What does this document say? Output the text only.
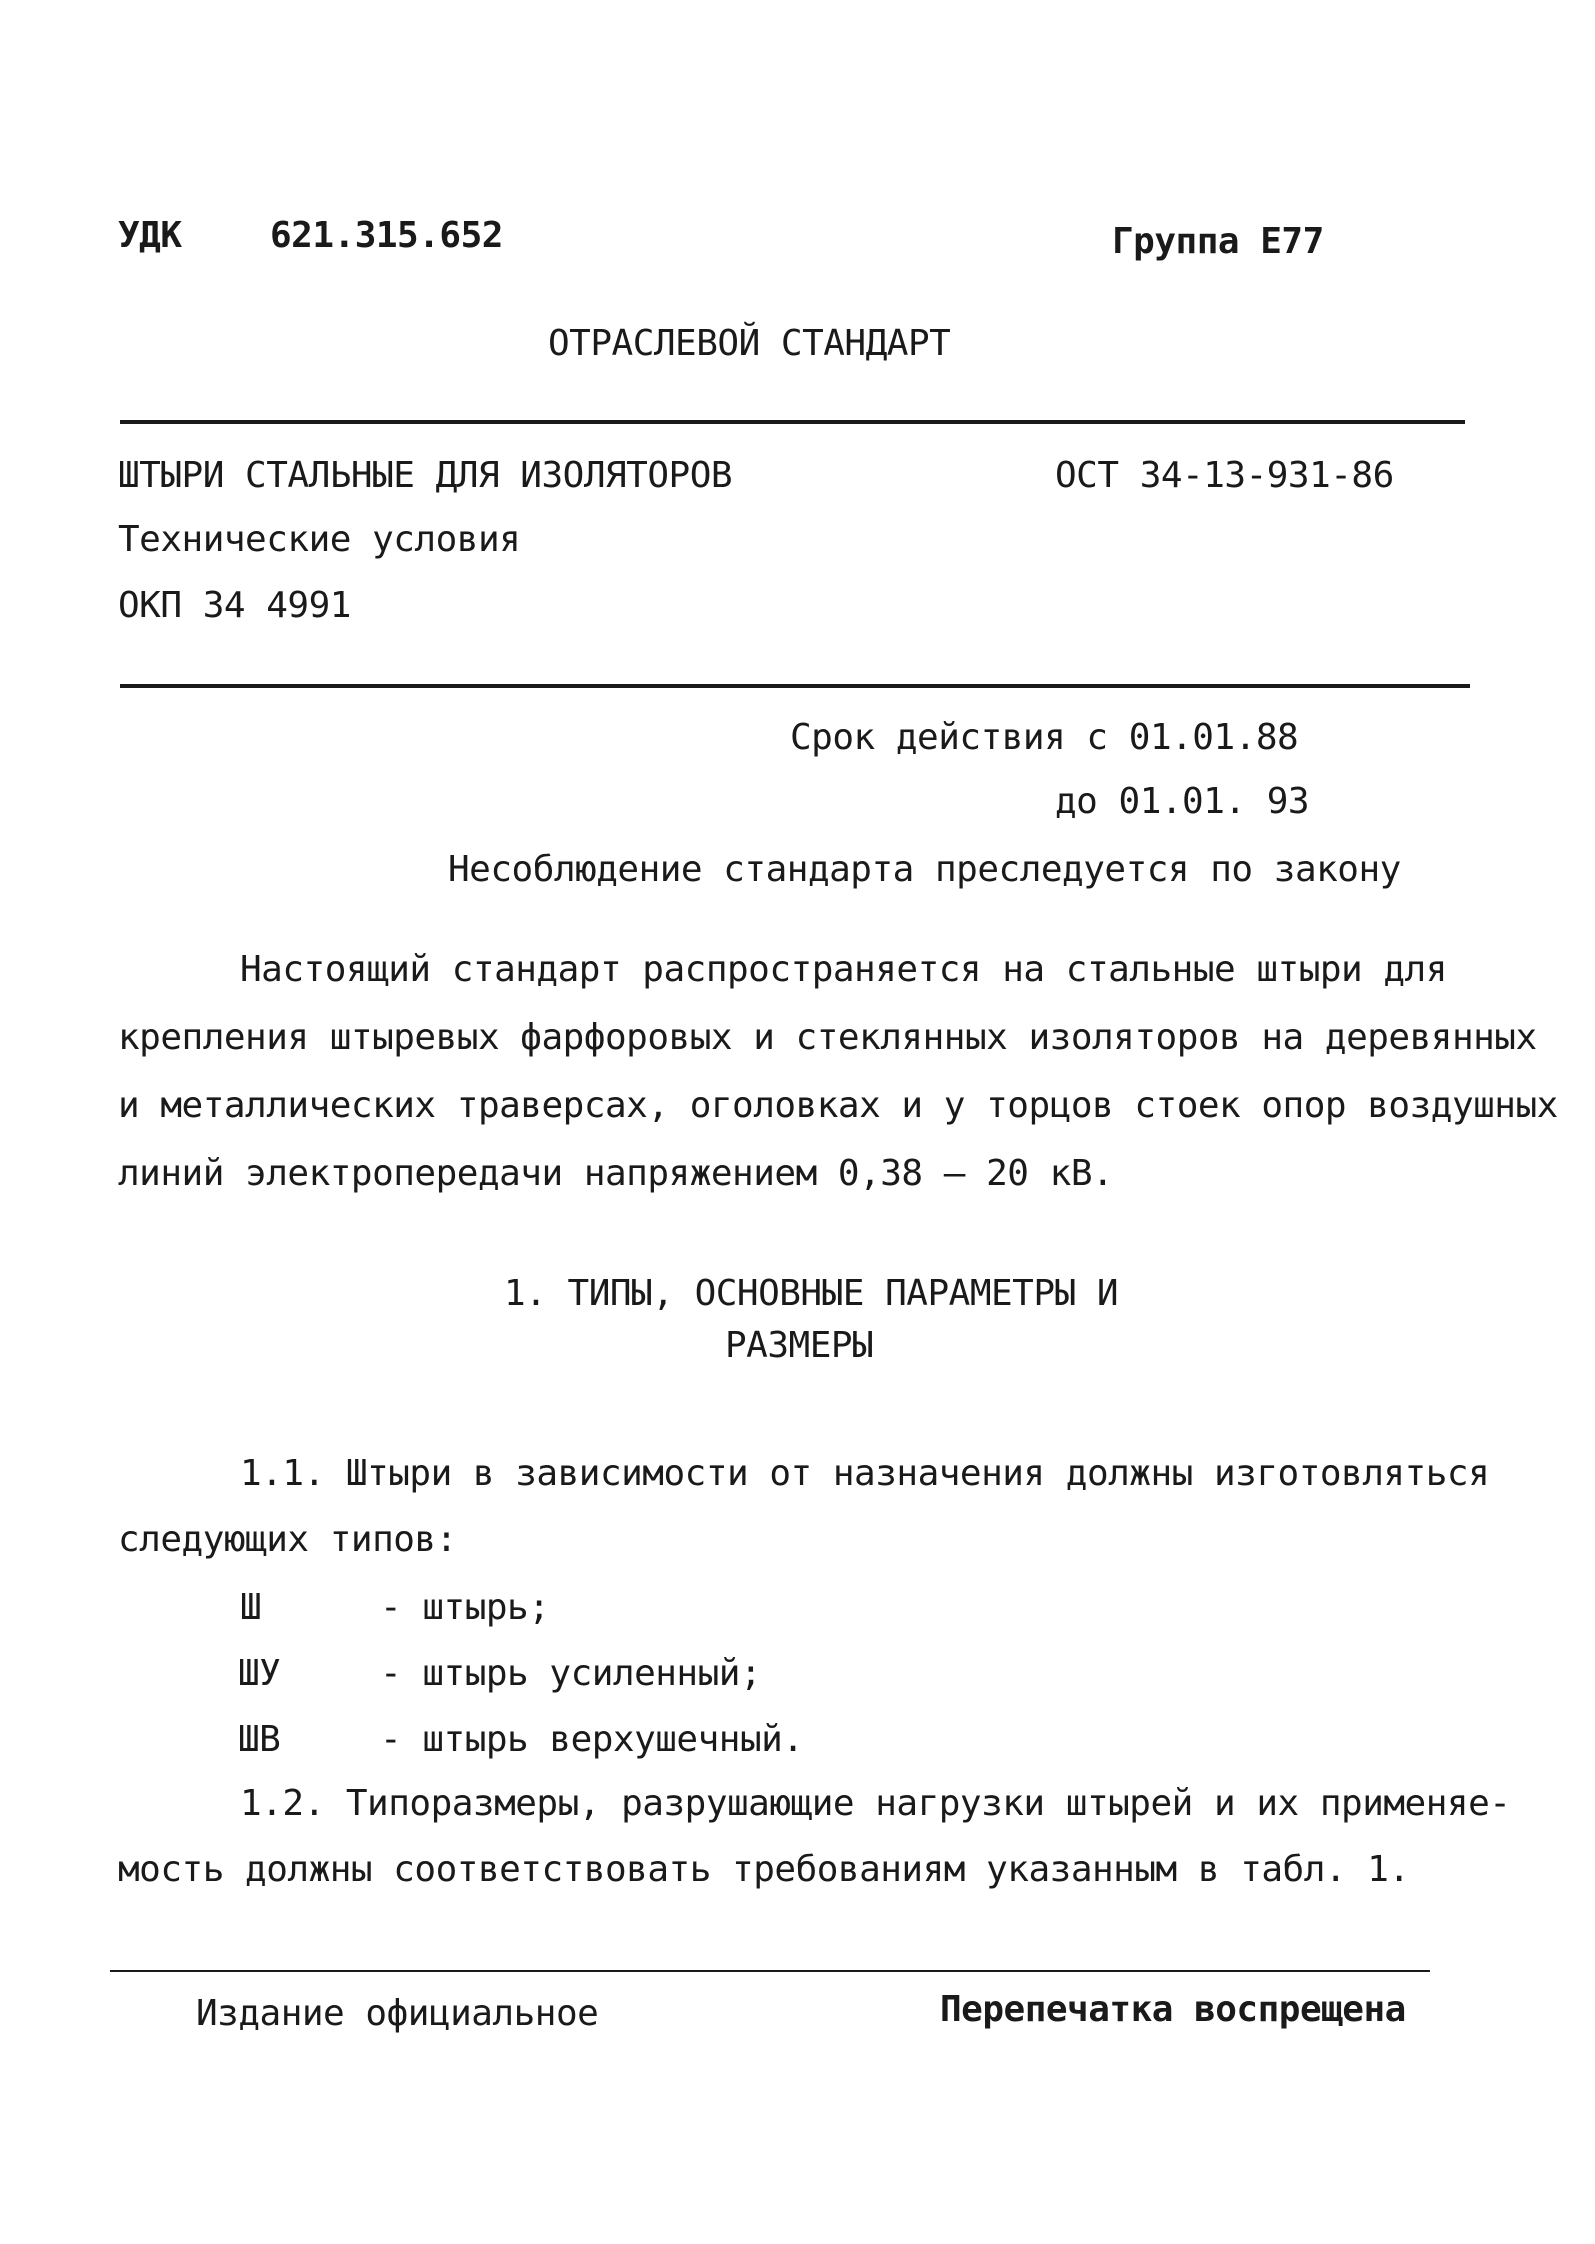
УДК 621.315.652	Группа Е77
ОТРАСЛЕВОЙ СТАНДАРТ
ШТЫРИ СТАЛЬНЫЕ ДЛЯ ИЗОЛЯТОРОВ	ОСТ 34-13-931-86
Технические условия
ОКП 34 4991
Срок действия с 01.01.88
до 01.01. 93
Несоблюдение стандарта преследуется по закону
Настоящий стандарт распространяется на стальные штыри для
крепления штыревых фарфоровых и стеклянных изоляторов на деревянных
и металлических траверсах, оголовках и у торцов стоек опор воздушных
линий электропередачи напряжением 0,38 – 20 кВ.
1. ТИПЫ, ОСНОВНЫЕ ПАРАМЕТРЫ И
РАЗМЕРЫ
1.1. Штыри в зависимости от назначения должны изготовляться
следующих типов:
Ш	- штырь;
ШУ	- штырь усиленный;
ШВ	- штырь верхушечный.
1.2. Типоразмеры, разрушающие нагрузки штырей и их применяе-
мость должны соответствовать требованиям указанным в табл. 1.
Издание официальное	Перепечатка воспрещена
